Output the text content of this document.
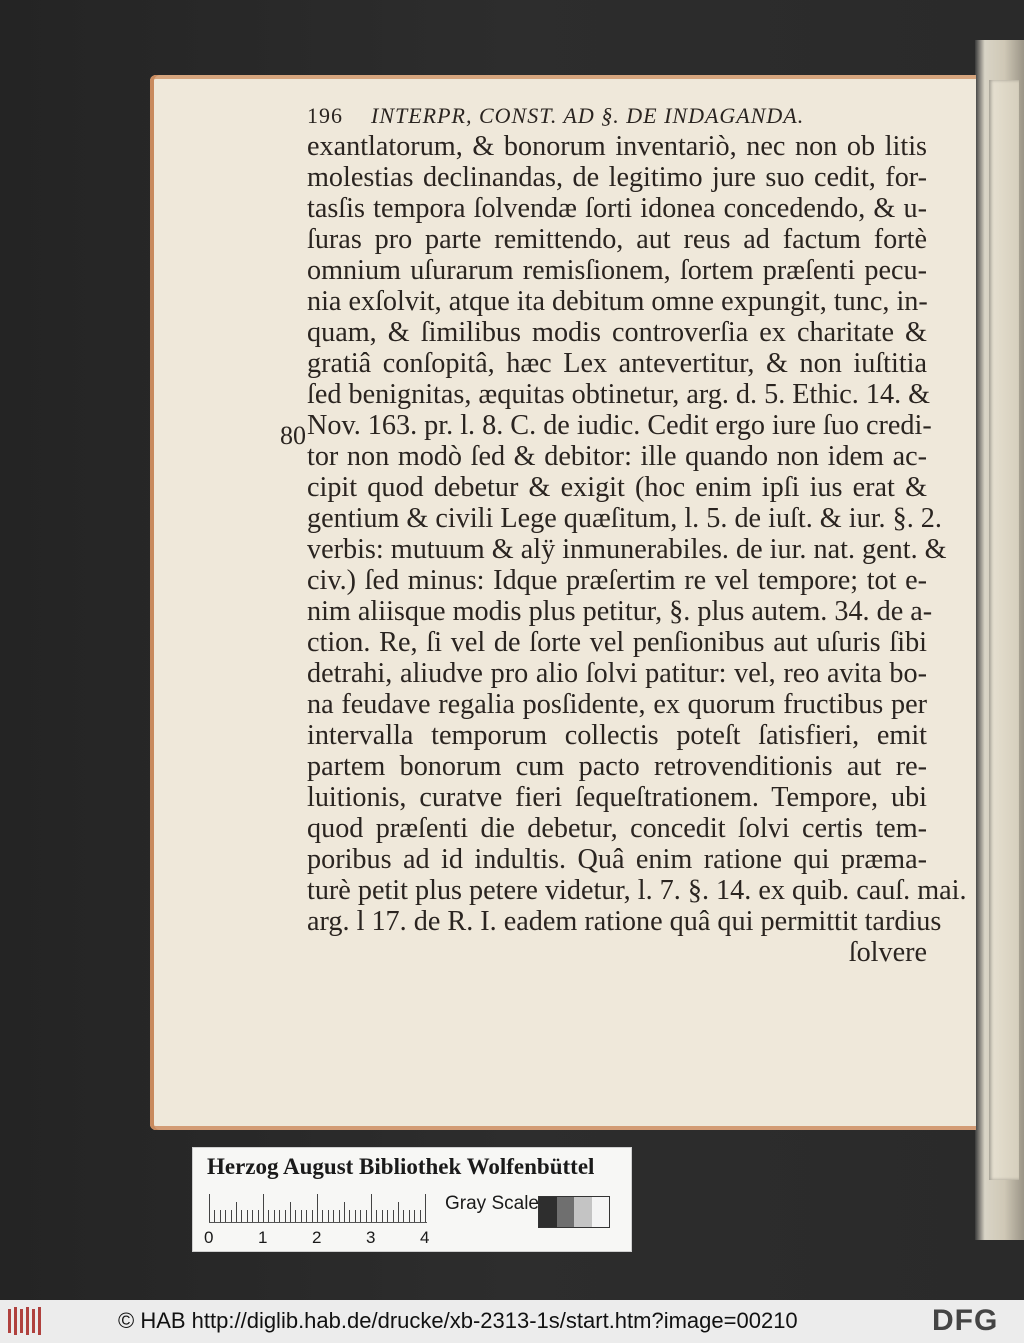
196 INTERPR, CONST. AD §. DE INDAGANDA.
80
exantlatorum, & bonorum inventariò, nec non ob litis
molestias declinandas, de legitimo jure suo cedit, for-
tasſis tempora ſolvendæ ſorti idonea concedendo, & u-
ſuras pro parte remittendo, aut reus ad factum fortè
omnium uſurarum remisſionem, ſortem præſenti pecu-
nia exſolvit, atque ita debitum omne expungit, tunc, in-
quam, & ſimilibus modis controverſia ex charitate &
gratiâ conſopitâ, hæc Lex antevertitur, & non iuſtitia
ſed benignitas, æquitas obtinetur, arg. d. 5. Ethic. 14. &
Nov. 163. pr. l. 8. C. de iudic. Cedit ergo iure ſuo credi-
tor non modò ſed & debitor: ille quando non idem ac-
cipit quod debetur & exigit (hoc enim ipſi ius erat &
gentium & civili Lege quæſitum, l. 5. de iuſt. & iur. §. 2.
verbis: mutuum & alÿ inmunerabiles. de iur. nat. gent. &
civ.) ſed minus: Idque præſertim re vel tempore; tot e-
nim aliisque modis plus petitur, §. plus autem. 34. de a-
ction. Re, ſi vel de ſorte vel penſionibus aut uſuris ſibi
detrahi, aliudve pro alio ſolvi patitur: vel, reo avita bo-
na feudave regalia posſidente, ex quorum fructibus per
intervalla temporum collectis poteſt ſatisfieri, emit
partem bonorum cum pacto retrovenditionis aut re-
luitionis, curatve fieri ſequeſtrationem. Tempore, ubi
quod præſenti die debetur, concedit ſolvi certis tem-
poribus ad id indultis. Quâ enim ratione qui præma-
turè petit plus petere videtur, l. 7. §. 14. ex quib. cauſ. mai.
arg. l 17. de R. I. eadem ratione quâ qui permittit tardius
ſolvere
Herzog August Bibliothek Wolfenbüttel
0	1	2	3	4
Gray Scale
© HAB http://diglib.hab.de/drucke/xb-2313-1s/start.htm?image=00210	DFG
